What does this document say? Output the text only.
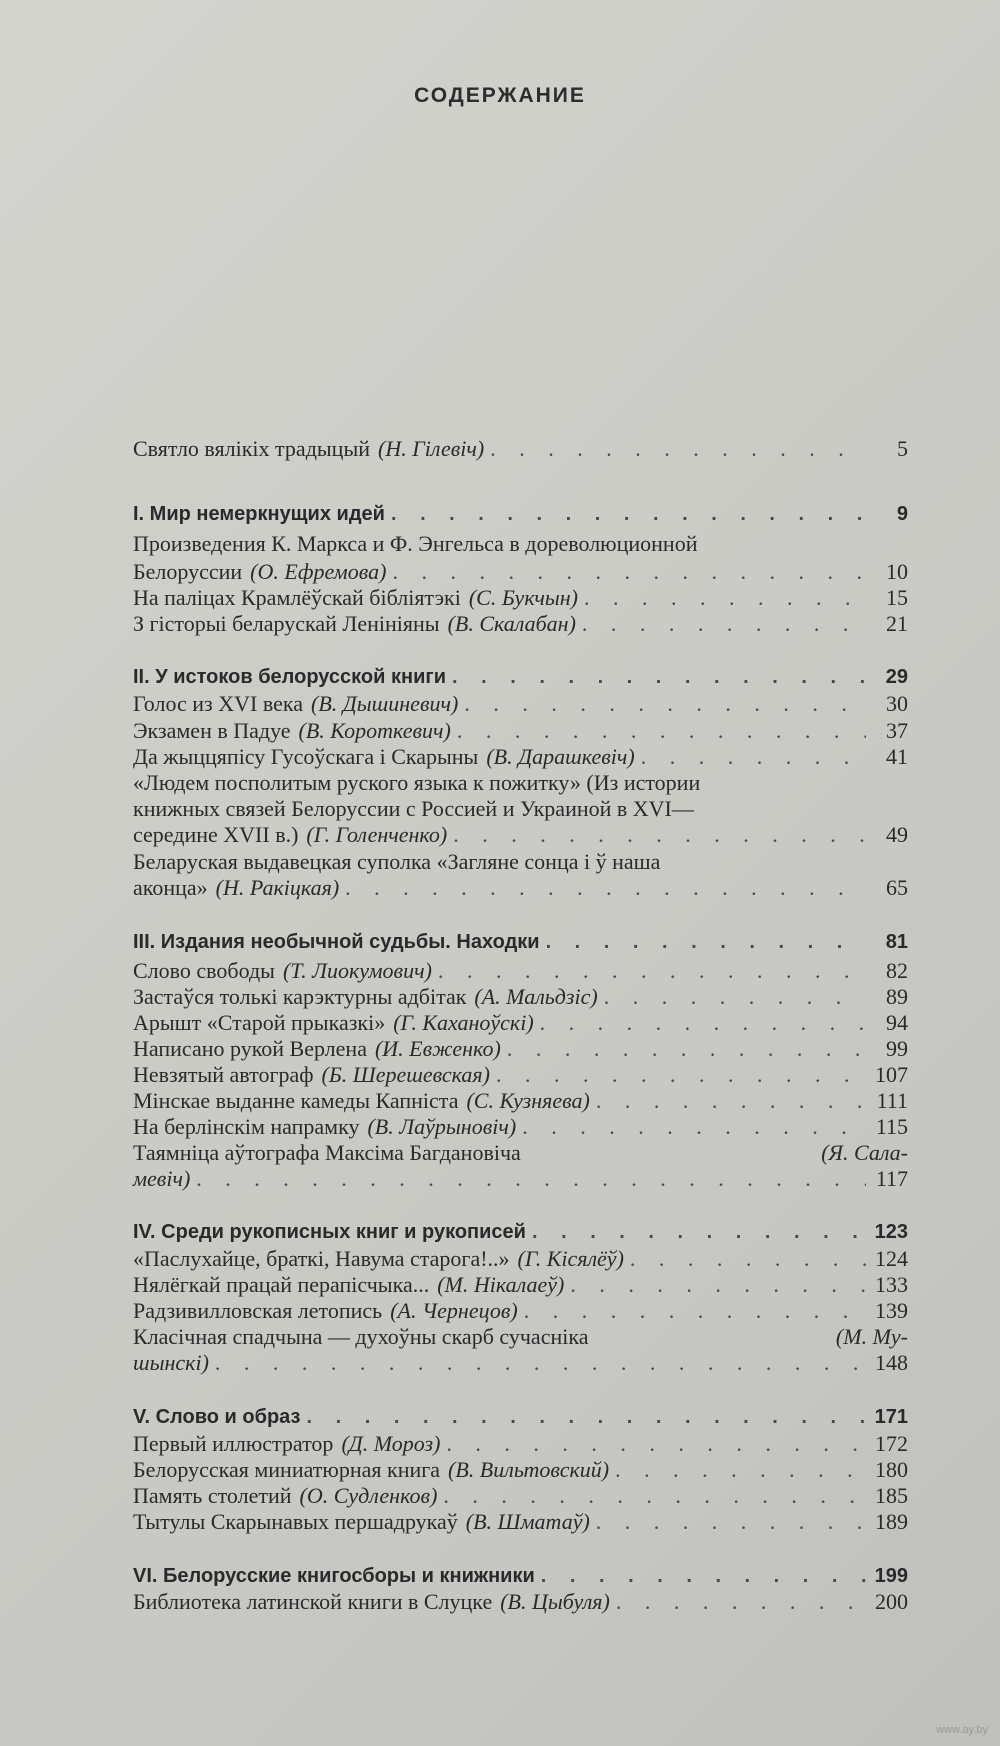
СОДЕРЖАНИЕ
Святло вялікіх традыцый (Н. Гілевіч) . . .	5
I. Мир немеркнущих идей . . .	9
Произведения К. Маркса и Ф. Энгельса в дореволюционной
Белоруссии (О. Ефремова) . . .	10
На паліцах Крамлёўскай бібліятэкі (С. Букчын) . . .	15
З гісторыі беларускай Лeнініяны (В. Скалабан) . . .	21
II. У истоков белорусской книги . . .	29
Голос из XVI века (В. Дышиневич) . . .	30
Экзамен в Падуе (В. Короткевич) . . .	37
Да жыццяпісу Гусоўскага і Скарыны (В. Дарашкевіч) . . .	41
«Людем посполитым руского языка к пожитку» (Из истории
книжных связей Белоруссии с Россией и Украиной в XVI—
середине XVII в.) (Г. Голенченко) . . .	49
Беларуская выдавецкая суполка «Загляне сонца і ў наша
аконца» (Н. Ракіцкая) . . .	65
III. Издания необычной судьбы. Находки . . .	81
Слово свободы (Т. Лиокумович) . . .	82
Застаўся толькі карэктурны адбітак (А. Мальдзіс) . . .	89
Арышт «Старой прыказкі» (Г. Каханоўскі) . . .	94
Написано рукой Верлена (И. Евженко) . . .	99
Невзятый автограф (Б. Шерешевская) . . .	107
Мінскае выданне камеды Капніста (С. Кузняева) . . .	111
На берлінскім напрамку (В. Лаўрыновіч) . . .	115
Таямніца аўтографа Максіма Багдановіча	(Я. Сала-
мевіч) . . .	117
IV. Среди рукописных книг и рукописей . . .	123
«Паслухайце, браткі, Навума старога!..» (Г. Кісялёў) . . .	124
Нялёгкай працай перапісчыка... (М. Нікалаеў) . . .	133
Радзивилловская летопись (А. Чернецов) . . .	139
Класічная спадчына — духоўны скарб сучасніка	(М. Му-
шынскі) . . .	148
V. Слово и образ . . .	171
Первый иллюстратор (Д. Мороз) . . .	172
Белорусская миниатюрная книга (В. Вильтовский) . . .	180
Память столетий (О. Судленков) . . .	185
Тытулы Скарынавых першадрукаў (В. Шматаў) . . .	189
VI. Белорусские книгосборы и книжники . . .	199
Библиотека латинской книги в Слуцке (В. Цыбуля) . . .	200
www.ay.by
